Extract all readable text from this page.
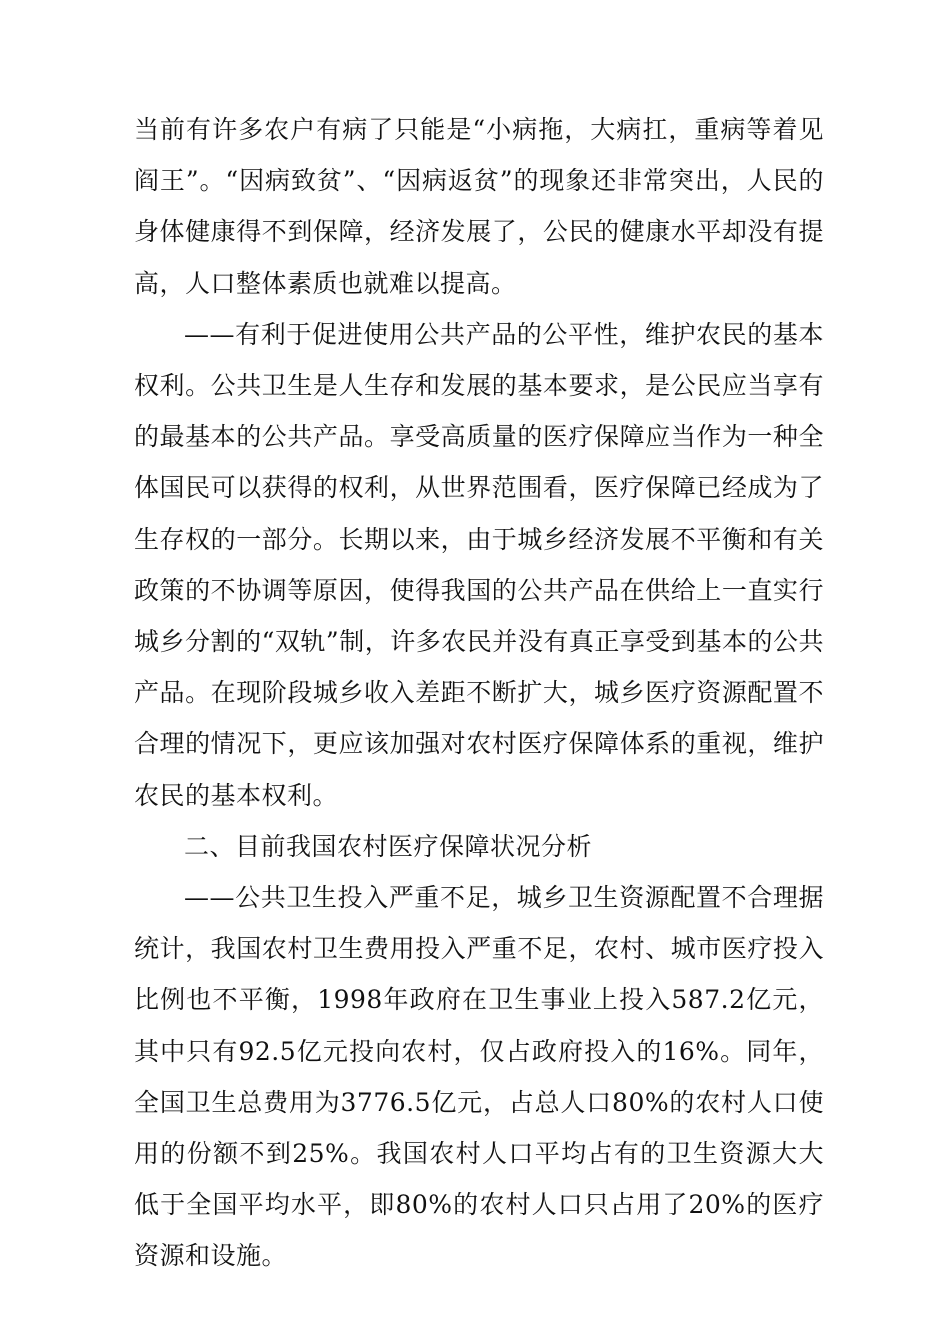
当前有许多农户有病了只能是“小病拖，大病扛，重病等着见阎王”。“因病致贫”、“因病返贫”的现象还非常突出，人民的身体健康得不到保障，经济发展了，公民的健康水平却没有提高，人口整体素质也就难以提高。

——有利于促进使用公共产品的公平性，维护农民的基本权利。公共卫生是人生存和发展的基本要求，是公民应当享有的最基本的公共产品。享受高质量的医疗保障应当作为一种全体国民可以获得的权利，从世界范围看，医疗保障已经成为了生存权的一部分。长期以来，由于城乡经济发展不平衡和有关政策的不协调等原因，使得我国的公共产品在供给上一直实行城乡分割的“双轨”制，许多农民并没有真正享受到基本的公共产品。在现阶段城乡收入差距不断扩大，城乡医疗资源配置不合理的情况下，更应该加强对农村医疗保障体系的重视，维护农民的基本权利。

二、目前我国农村医疗保障状况分析

——公共卫生投入严重不足，城乡卫生资源配置不合理据统计，我国农村卫生费用投入严重不足，农村、城市医疗投入比例也不平衡，1998年政府在卫生事业上投入587.2亿元，其中只有92.5亿元投向农村，仅占政府投入的16%。同年，全国卫生总费用为3776.5亿元，占总人口80%的农村人口使用的份额不到25%。我国农村人口平均占有的卫生资源大大低于全国平均水平，即80%的农村人口只占用了20%的医疗资源和设施。
